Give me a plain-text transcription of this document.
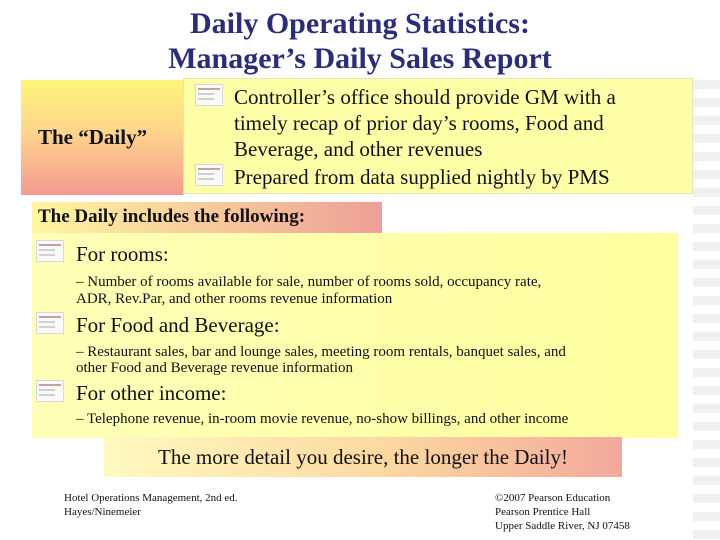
Daily Operating Statistics:
Manager’s Daily Sales Report
The “Daily”
Controller’s office should provide GM with a
timely recap of prior day’s rooms, Food and
Beverage, and other revenues
Prepared from data supplied nightly by PMS
The Daily includes the following:
For rooms:
– Number of rooms available for sale, number of rooms sold, occupancy rate,
ADR, Rev.Par, and other rooms revenue information
For Food and Beverage:
– Restaurant sales, bar and lounge sales, meeting room rentals, banquet sales, and
other Food and Beverage revenue information
For other income:
– Telephone revenue, in-room movie revenue, no-show billings, and other income
The more detail you desire, the longer the Daily!
Hotel Operations Management, 2nd ed.
Hayes/Ninemeier
©2007 Pearson Education
Pearson Prentice Hall
Upper Saddle River, NJ 07458
